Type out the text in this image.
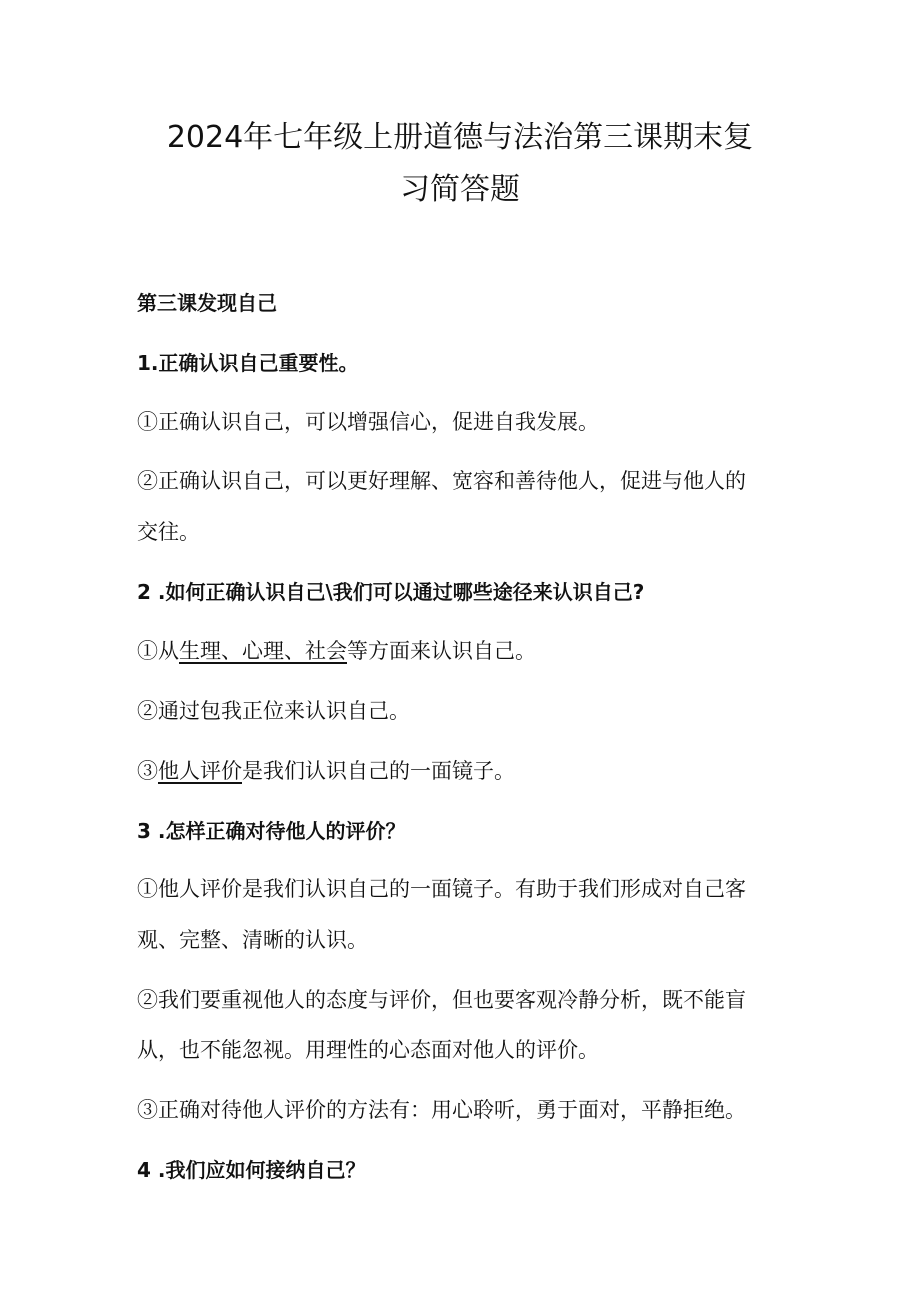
2024年七年级上册道德与法治第三课期末复
习简答题

第三课发现自己

1.正确认识自己重要性。

①正确认识自己，可以增强信心，促进自我发展。

②正确认识自己，可以更好理解、宽容和善待他人，促进与他人的

交往。

2 .如何正确认识自己\我们可以通过哪些途径来认识自己?

①从生理、心理、社会等方面来认识自己。

②通过包我正位来认识自己。

③他人评价是我们认识自己的一面镜子。

3 .怎样正确对待他人的评价？

①他人评价是我们认识自己的一面镜子。有助于我们形成对自己客

观、完整、清晰的认识。

②我们要重视他人的态度与评价，但也要客观冷静分析，既不能盲

从，也不能忽视。用理性的心态面对他人的评价。

③正确对待他人评价的方法有：用心聆听，勇于面对，平静拒绝。

4 .我们应如何接纳自己？
